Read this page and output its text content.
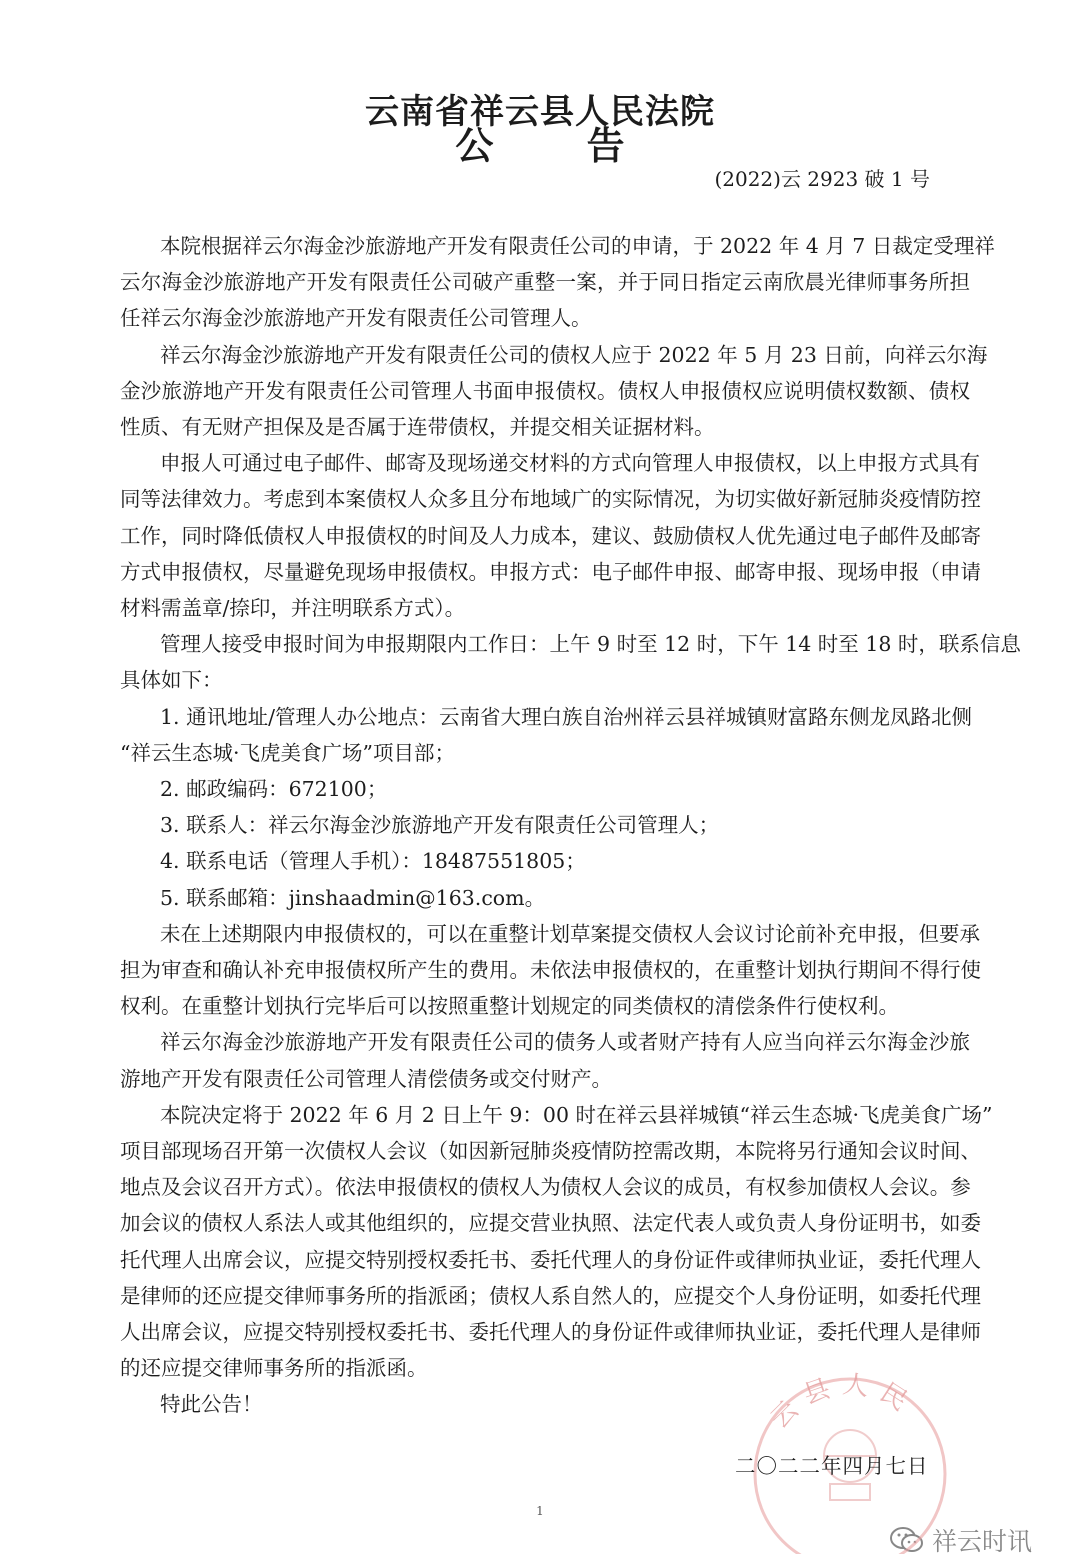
云南省祥云县人民法院
公 告
(2022)云 2923 破 1 号
本院根据祥云尔海金沙旅游地产开发有限责任公司的申请，于 2022 年 4 月 7 日裁定受理祥
云尔海金沙旅游地产开发有限责任公司破产重整一案，并于同日指定云南欣晨光律师事务所担
任祥云尔海金沙旅游地产开发有限责任公司管理人。
祥云尔海金沙旅游地产开发有限责任公司的债权人应于 2022 年 5 月 23 日前，向祥云尔海
金沙旅游地产开发有限责任公司管理人书面申报债权。债权人申报债权应说明债权数额、债权
性质、有无财产担保及是否属于连带债权，并提交相关证据材料。
申报人可通过电子邮件、邮寄及现场递交材料的方式向管理人申报债权，以上申报方式具有
同等法律效力。考虑到本案债权人众多且分布地域广的实际情况，为切实做好新冠肺炎疫情防控
工作，同时降低债权人申报债权的时间及人力成本，建议、鼓励债权人优先通过电子邮件及邮寄
方式申报债权，尽量避免现场申报债权。申报方式：电子邮件申报、邮寄申报、现场申报（申请
材料需盖章/捺印，并注明联系方式）。
管理人接受申报时间为申报期限内工作日：上午 9 时至 12 时，下午 14 时至 18 时，联系信息
具体如下：
1. 通讯地址/管理人办公地点：云南省大理白族自治州祥云县祥城镇财富路东侧龙凤路北侧
“祥云生态城·飞虎美食广场”项目部；
2. 邮政编码：672100；
3. 联系人：祥云尔海金沙旅游地产开发有限责任公司管理人；
4. 联系电话（管理人手机）：18487551805；
5. 联系邮箱：jinshaadmin@163.com。
未在上述期限内申报债权的，可以在重整计划草案提交债权人会议讨论前补充申报，但要承
担为审查和确认补充申报债权所产生的费用。未依法申报债权的，在重整计划执行期间不得行使
权利。在重整计划执行完毕后可以按照重整计划规定的同类债权的清偿条件行使权利。
祥云尔海金沙旅游地产开发有限责任公司的债务人或者财产持有人应当向祥云尔海金沙旅
游地产开发有限责任公司管理人清偿债务或交付财产。
本院决定将于 2022 年 6 月 2 日上午 9：00 时在祥云县祥城镇“祥云生态城·飞虎美食广场”
项目部现场召开第一次债权人会议（如因新冠肺炎疫情防控需改期，本院将另行通知会议时间、
地点及会议召开方式）。依法申报债权的债权人为债权人会议的成员，有权参加债权人会议。参
加会议的债权人系法人或其他组织的，应提交营业执照、法定代表人或负责人身份证明书，如委
托代理人出席会议，应提交特别授权委托书、委托代理人的身份证件或律师执业证，委托代理人
是律师的还应提交律师事务所的指派函；债权人系自然人的，应提交个人身份证明，如委托代理
人出席会议，应提交特别授权委托书、委托代理人的身份证件或律师执业证，委托代理人是律师
的还应提交律师事务所的指派函。
特此公告！	云县人民
二〇二二年四月七日
1
祥云时讯
